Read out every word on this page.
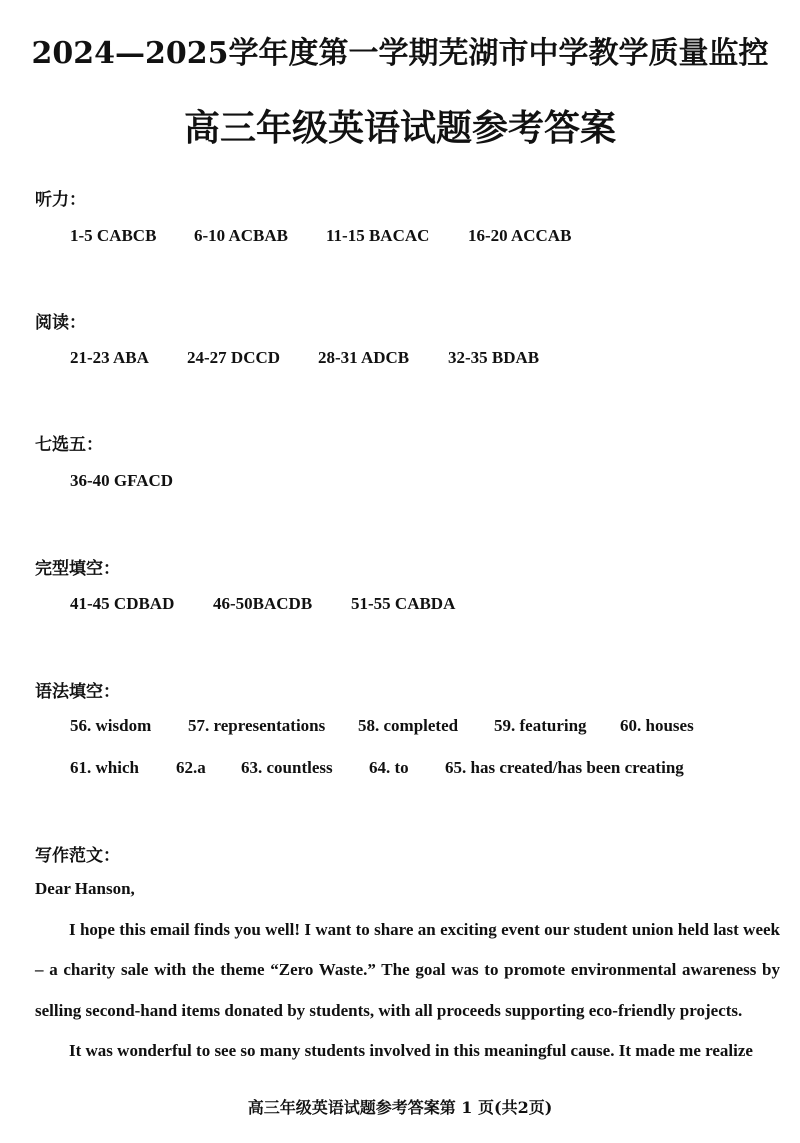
2024—2025学年度第一学期芜湖市中学教学质量监控
高三年级英语试题参考答案
听力：
1-5 CABCB 6-10 ACBAB 11-15 BACAC 16-20 ACCAB
阅读：
21-23 ABA 24-27 DCCD 28-31 ADCB 32-35 BDAB
七选五：
36-40 GFACD
完型填空：
41-45 CDBAD 46-50BACDB 51-55 CABDA
语法填空：
56. wisdom 57. representations 58. completed 59. featuring 60. houses
61. which 62.a 63. countless 64. to 65. has created/has been creating
写作范文：

Dear Hanson,

I hope this email finds you well! I want to share an exciting event our student union held last week – a charity sale with the theme “Zero Waste.” The goal was to promote environmental awareness by selling second-hand items donated by students, with all proceeds supporting eco-friendly projects.

It was wonderful to see so many students involved in this meaningful cause. It made me realize

高三年级英语试题参考答案第 1 页(共2页)
